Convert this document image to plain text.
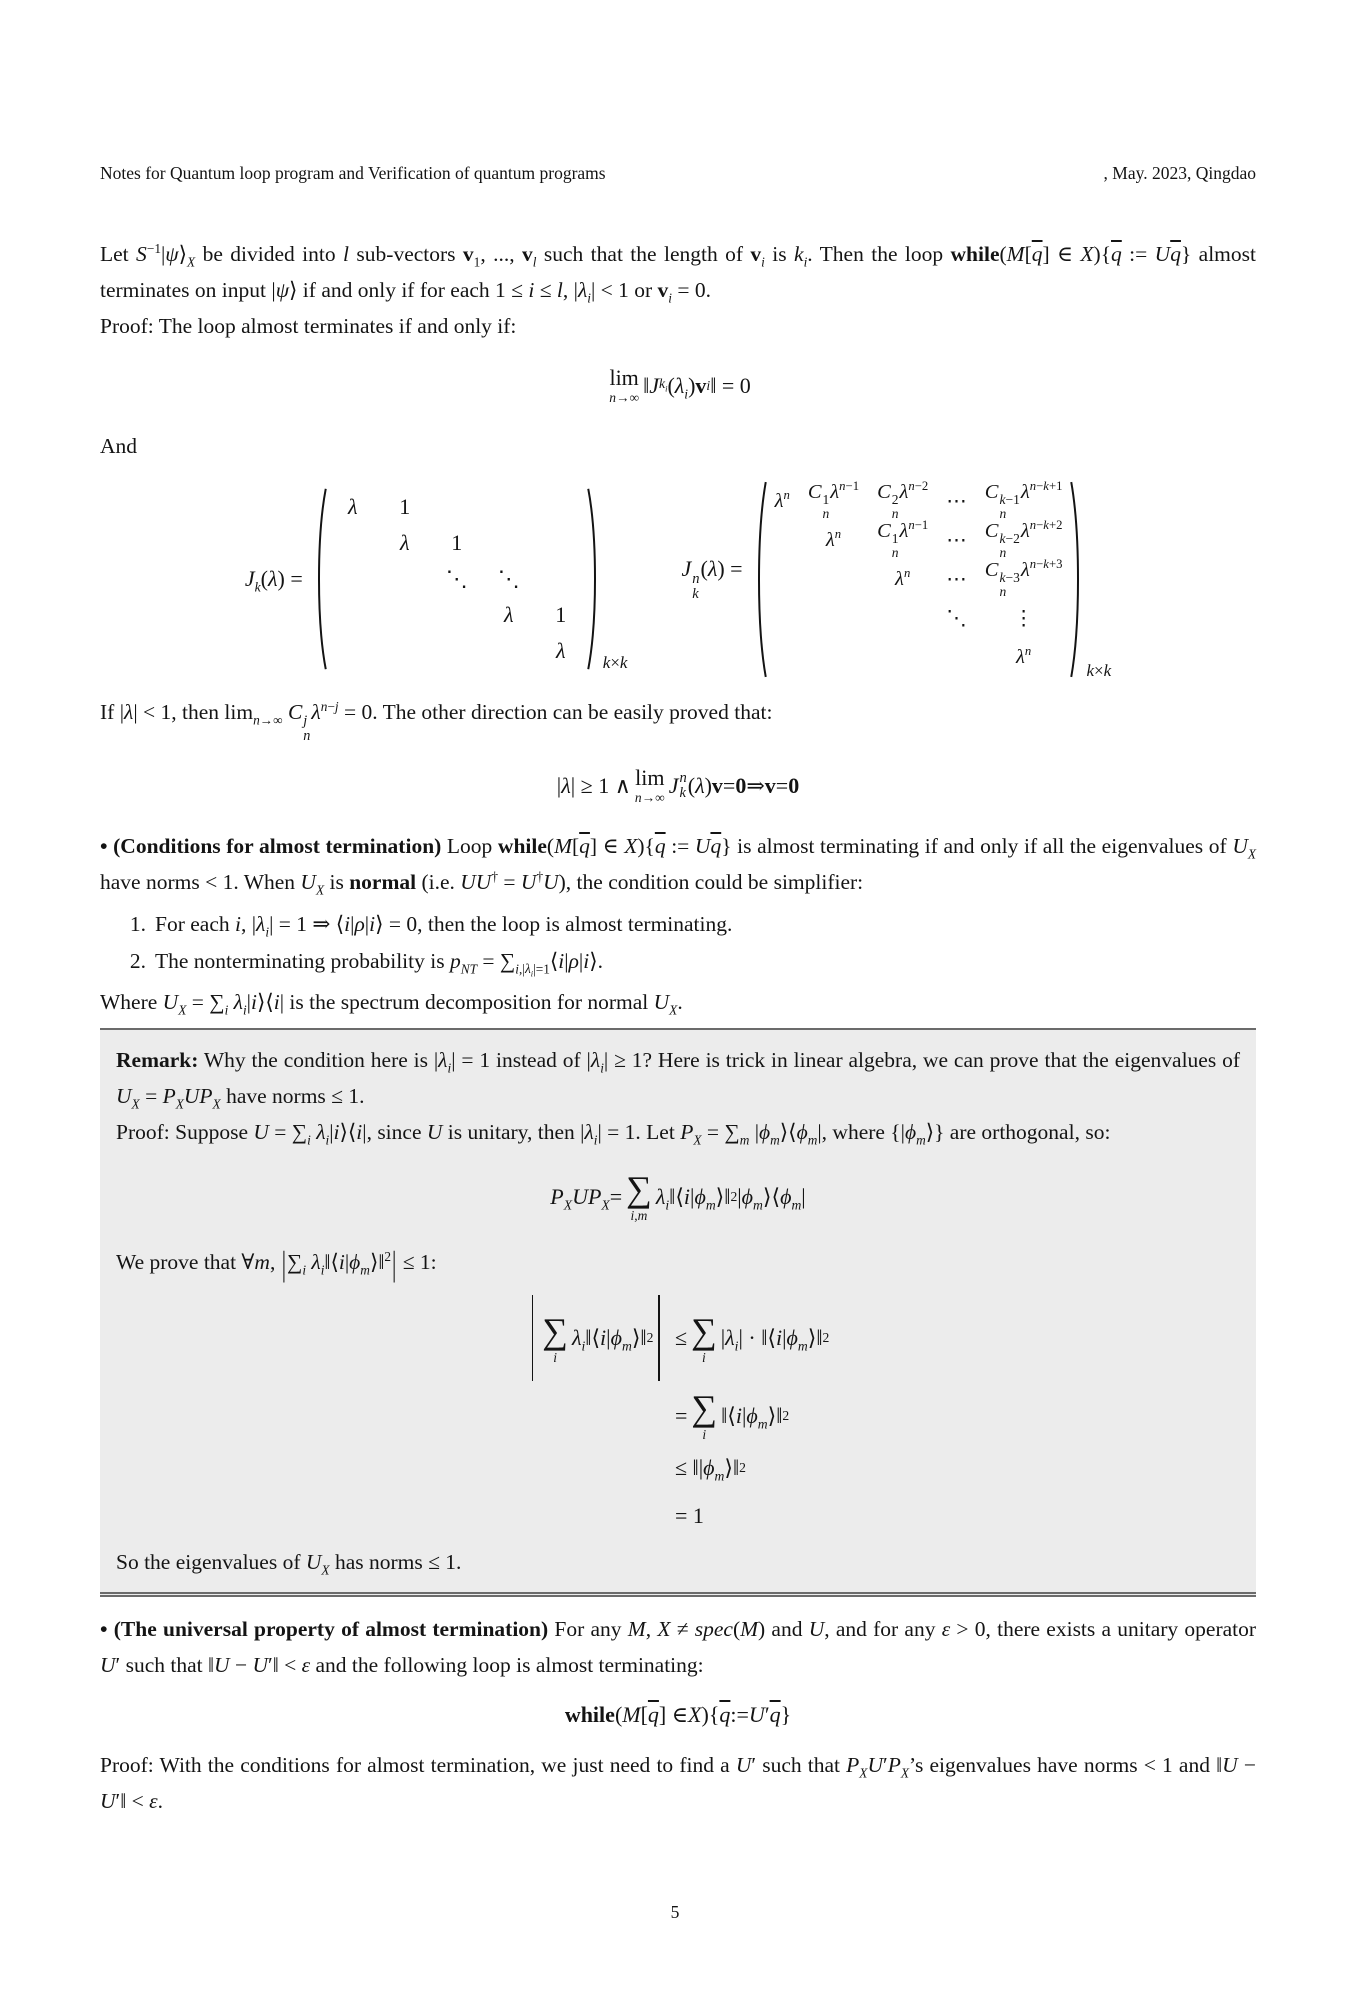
Notes for Quantum loop program and Verification of quantum programs	, May. 2023, Qingdao

Let $S^{-1}|\psi⟩_X$ be divided into l sub-vectors $v_1$, ..., $v_l$ such that the length of $v_i$ is $k_i$. Then the loop $while(M[\overline{q}]$ ∈ $X)\{\overline{q}$ := $U\overline{q}$} almost terminates on input |ψ⟩ if and only if for each 1 ≤ i ≤ l, $|\lambda_i| < 1$ or $v_i = 0$.

Proof: The loop almost terminates if and only if:

lim
n→∞ ‖ J $k_i$ ( $\lambda_i$ ) v i ‖ = 0

And

$J_k(\lambda)$ =
λ 1
λ 1
⋱ ⋱
λ 1
λ k×k
J n
k
(λ) =
$\lambda^n$ C 1
n
$\lambda^{n-1}$ C 2
n
$\lambda^{n-2}$
⋯ C k−1
n
$\lambda^{n-k+1}$
$\lambda^n$ C 1
n
$\lambda^{n-1}$
⋯ C k−2
n
$\lambda^{n-k+2}$
$\lambda^n$ ⋯ C k−3
n
$\lambda^{n-k+3}$
⋱ ⋮
$\lambda^n$
k×k

If |λ| < 1, then $\lim_{n\to\infty} C$ j
n
$\lambda^{n-j} = 0$. The other direction can be easily proved that:

| λ | ≥ 1 ∧ lim
n→∞ J n
k ( λ ) v = 0 ⇒ v = 0

• (Conditions for almost termination) Loop $while(M[\overline{q}]$ ∈ $X)\{\overline{q}$ := $U\overline{q}$} is almost terminating if and only if all the eigenvalues of $U_X$ have norms < 1. When $U_X$ is normal (i.e. UU† = U†U), the condition could be simplifier:

1. For each i, $|\lambda_i| = 1$ ⇒ ⟨i|ρ|i⟩ = 0, then the loop is almost terminating.
2. The nonterminating probability is $p_{NT}$ = $\sum_{i,|\lambda_i|=1}⟨i|\rho|i⟩$.

Where $U_X = \sum_i$ $\lambda_i|i⟩⟨i|$ is the spectrum decomposition for normal $U_X$.

Remark: Why the condition here is $|\lambda_i| = 1$ instead of $|\lambda_i| \ge 1$? Here is trick in linear algebra, we can prove that the eigenvalues of $U_X = P_XUP_X$ have norms ≤ 1.

Proof: Suppose $U = \sum_i$ $\lambda_i|i⟩⟨i|$, since U is unitary, then $|\lambda_i| = 1$. Let $P_X = \sum_m$ $|\phi_m⟩⟨\phi_m|$, where $\{|\phi_m⟩\}$ are orthogonal, so:

$P_XUP_X$ = ∑
i,m
$\lambda_i$ ‖⟨ i | $\phi_m$ ⟩‖ 2 | $\phi_m$ ⟩⟨ $\phi_m$ |

We prove that ∀m, $|\sum_i$ $\lambda_i‖⟨i|\phi_m⟩‖^2| \le 1$:

∑
i
$\lambda_i$ ‖⟨ i | $\phi_m$ ⟩‖ 2 ≤ ∑
i
| $\lambda_i$ | · ‖⟨ i | $\phi_m$ ⟩‖ 2
= ∑
i
‖⟨ i | $\phi_m$ ⟩‖ 2
≤ ‖| $\phi_m$ ⟩‖ 2
= 1

So the eigenvalues of $U_X$ has norms ≤ 1.

• (The universal property of almost termination) For any M, X ≠ spec(M) and U, and for any ε > 0, there exists a unitary operator U′ such that ‖U − U′‖ < ε and the following loop is almost terminating:

while ( M [ $\overline{q}$ ] ∈ X ){ $\overline{q}$ := U ′ $\overline{q}$ }

Proof: With the conditions for almost termination, we just need to find a U′ such that $P_XU'P_X’s$ eigenvalues have norms < 1 and ‖U − U′‖ < ε.

5
